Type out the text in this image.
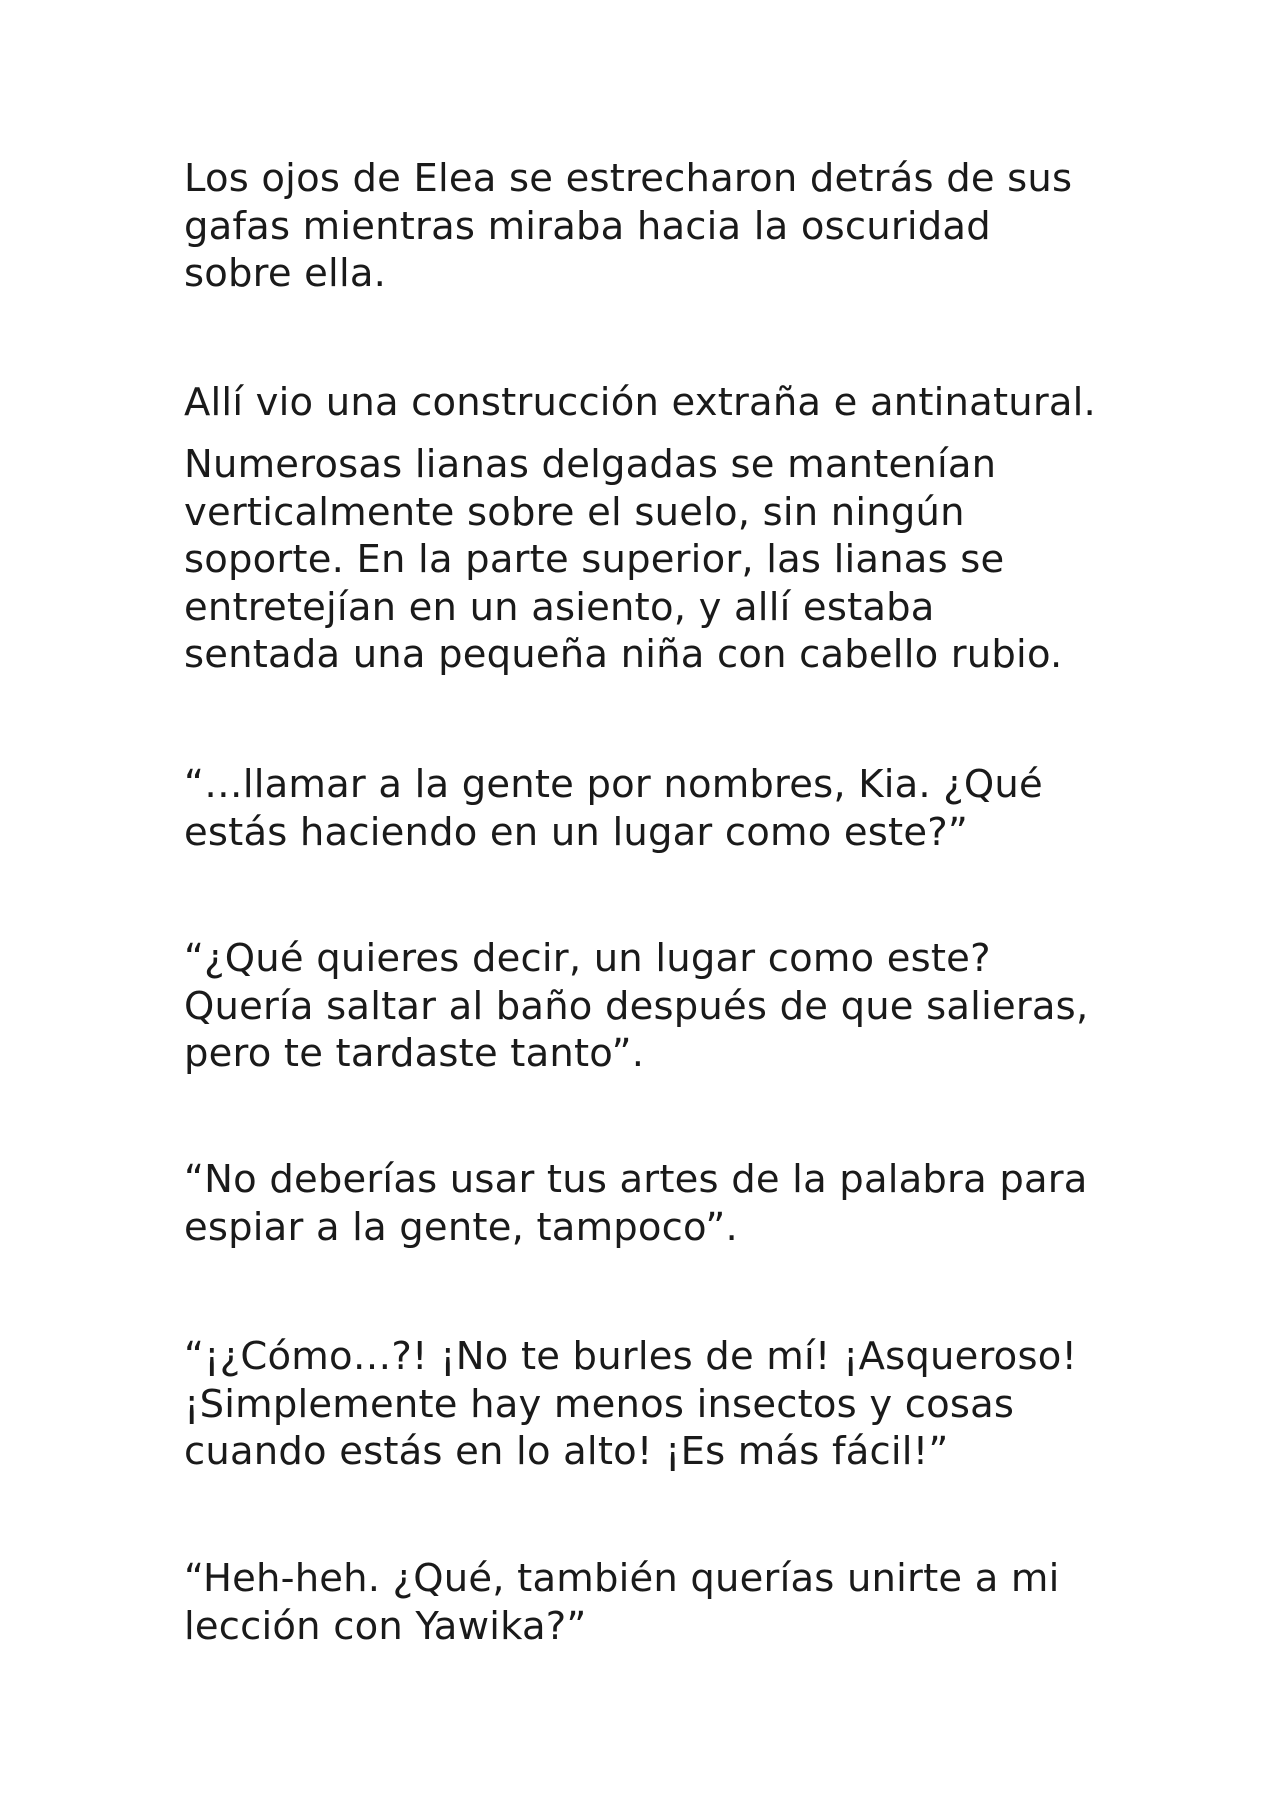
Los ojos de Elea se estrecharon detrás de sus
gafas mientras miraba hacia la oscuridad
sobre ella.

Allí vio una construcción extraña e antinatural.

Numerosas lianas delgadas se mantenían
verticalmente sobre el suelo, sin ningún
soporte. En la parte superior, las lianas se
entretejían en un asiento, y allí estaba
sentada una pequeña niña con cabello rubio.

“…llamar a la gente por nombres, Kia. ¿Qué
estás haciendo en un lugar como este?”

“¿Qué quieres decir, un lugar como este?
Quería saltar al baño después de que salieras,
pero te tardaste tanto”.

“No deberías usar tus artes de la palabra para
espiar a la gente, tampoco”.

“¡¿Cómo…?! ¡No te burles de mí! ¡Asqueroso!
¡Simplemente hay menos insectos y cosas
cuando estás en lo alto! ¡Es más fácil!”

“Heh-heh. ¿Qué, también querías unirte a mi
lección con Yawika?”
